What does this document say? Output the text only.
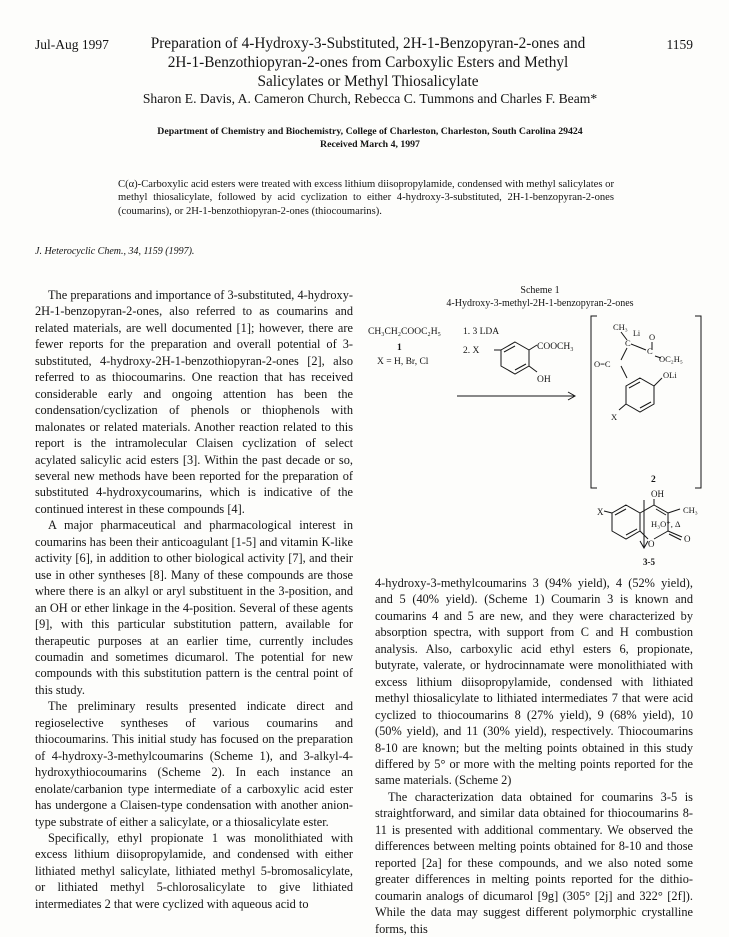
Jul-Aug 1997	1159
Preparation of 4-Hydroxy-3-Substituted, 2H-1-Benzopyran-2-ones and
2H-1-Benzothiopyran-2-ones from Carboxylic Esters and Methyl
Salicylates or Methyl Thiosalicylate
Sharon E. Davis, A. Cameron Church, Rebecca C. Tummons and Charles F. Beam*
Department of Chemistry and Biochemistry, College of Charleston, Charleston, South Carolina 29424
Received March 4, 1997
C(α)-Carboxylic acid esters were treated with excess lithium diisopropylamide, condensed with methyl salicylates or methyl thiosalicylate, followed by acid cyclization to either 4-hydroxy-3-substituted, 2H-1-benzopyran-2-ones (coumarins), or 2H-1-benzothiopyran-2-ones (thiocoumarins).
J. Heterocyclic Chem., 34, 1159 (1997).

The preparations and importance of 3-substituted, 4-hydroxy-2H-1-benzopyran-2-ones, also referred to as coumarins and related materials, are well documented [1]; however, there are fewer reports for the preparation and overall potential of 3-substituted, 4-hydroxy-2H-1-benzothiopyran-2-ones [2], also referred to as thiocoumarins. One reaction that has received considerable early and ongoing attention has been the condensation/cyclization of phenols or thiophenols with malonates or related materials. Another reaction related to this report is the intramolecular Claisen cyclization of select acylated salicylic acid esters [3]. Within the past decade or so, several new methods have been reported for the preparation of substituted 4-hydroxycoumarins, which is indicative of the continued interest in these compounds [4].

A major pharmaceutical and pharmacological interest in coumarins has been their anticoagulant [1-5] and vitamin K-like activity [6], in addition to other biological activity [7], and their use in other syntheses [8]. Many of these compounds are those where there is an alkyl or aryl substituent in the 3-position, and an OH or ether linkage in the 4-position. Several of these agents [9], with this particular substitution pattern, available for therapeutic purposes at an earlier time, currently includes coumadin and sometimes dicumarol. The potential for new compounds with this substitution pattern is the central point of this study.

The preliminary results presented indicate direct and regioselective syntheses of various coumarins and thiocoumarins. This initial study has focused on the preparation of 4-hydroxy-3-methylcoumarins (Scheme 1), and 3-alkyl-4-hydroxythiocoumarins (Scheme 2). In each instance an enolate/carbanion type intermediate of a carboxylic acid ester has undergone a Claisen-type condensation with another anion-type substrate of either a salicylate, or a thiosalicylate ester.

Specifically, ethyl propionate 1 was monolithiated with excess lithium diisopropylamide, and condensed with either lithiated methyl salicylate, lithiated methyl 5-bromosalicylate, or lithiated methyl 5-chlorosalicylate to give lithiated intermediates 2 that were cyclized with aqueous acid to

Scheme 1
4-Hydroxy-3-methyl-2H-1-benzopyran-2-ones
CH₃CH₂COOC₂H₅
1
X = H, Br, Cl
1. 3 LDA
2. X	COOCH₃
OH
CH₃
Li
C
O
C
OC₂H₅
O=C
OLi
X
2
H₃O⁺, Δ
OH
CH₃
X
O	O
3-5

4-hydroxy-3-methylcoumarins 3 (94% yield), 4 (52% yield), and 5 (40% yield). (Scheme 1) Coumarin 3 is known and coumarins 4 and 5 are new, and they were characterized by absorption spectra, with support from C and H combustion analysis. Also, carboxylic acid ethyl esters 6, propionate, butyrate, valerate, or hydrocinnamate were monolithiated with excess lithium diisopropylamide, condensed with lithiated methyl thiosalicylate to lithiated intermediates 7 that were acid cyclized to thiocoumarins 8 (27% yield), 9 (68% yield), 10 (50% yield), and 11 (30% yield), respectively. Thiocoumarins 8-10 are known; but the melting points obtained in this study differed by 5° or more with the melting points reported for the same materials. (Scheme 2)

The characterization data obtained for coumarins 3-5 is straightforward, and similar data obtained for thiocoumarins 8-11 is presented with additional commentary. We observed the differences between melting points obtained for 8-10 and those reported [2a] for these compounds, and we also noted some greater differences in melting points reported for the dithio-coumarin analogs of dicumarol [9g] (305° [2j] and 322° [2f]). While the data may suggest different polymorphic crystalline forms, this
